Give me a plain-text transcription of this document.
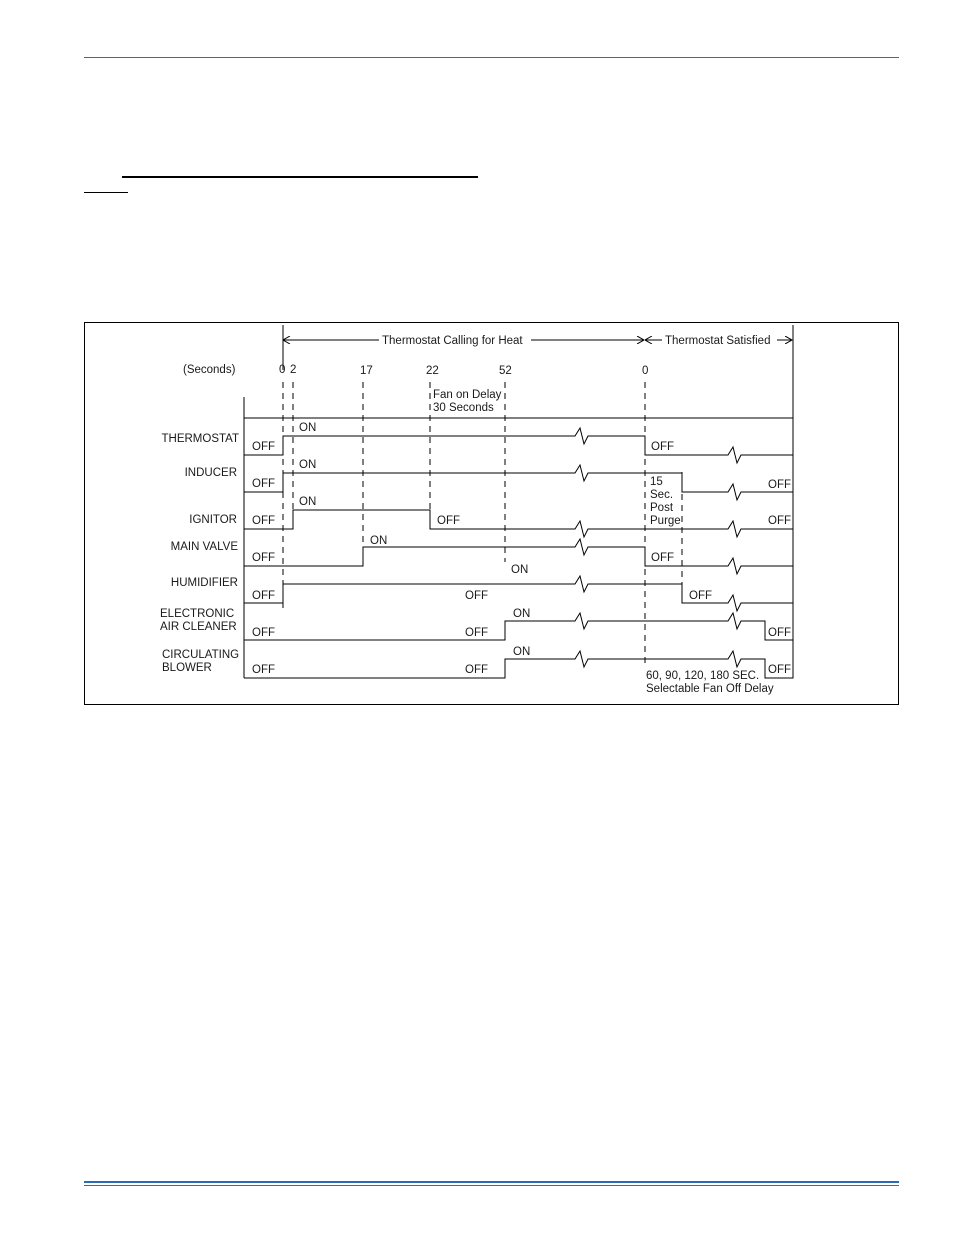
Thermostat Calling for Heat	Thermostat Satisfied
(Seconds)	0 2	17	22	52	0
Fan on Delay
30 Seconds
THERMOSTAT
INDUCER
IGNITOR
MAIN VALVE
HUMIDIFIER
ELECTRONIC
AIR CLEANER
CIRCULATING
BLOWER
OFF
ON
OFF
OFF
ON
15
Sec.
Post
Purge
OFF
OFF
ON
OFF	OFF
OFF
ON
OFF
OFF
ON
OFF	OFF
OFF	OFF
ON
OFF
OFF	OFF
ON
OFF
60, 90, 120, 180 SEC.
Selectable Fan Off Delay
